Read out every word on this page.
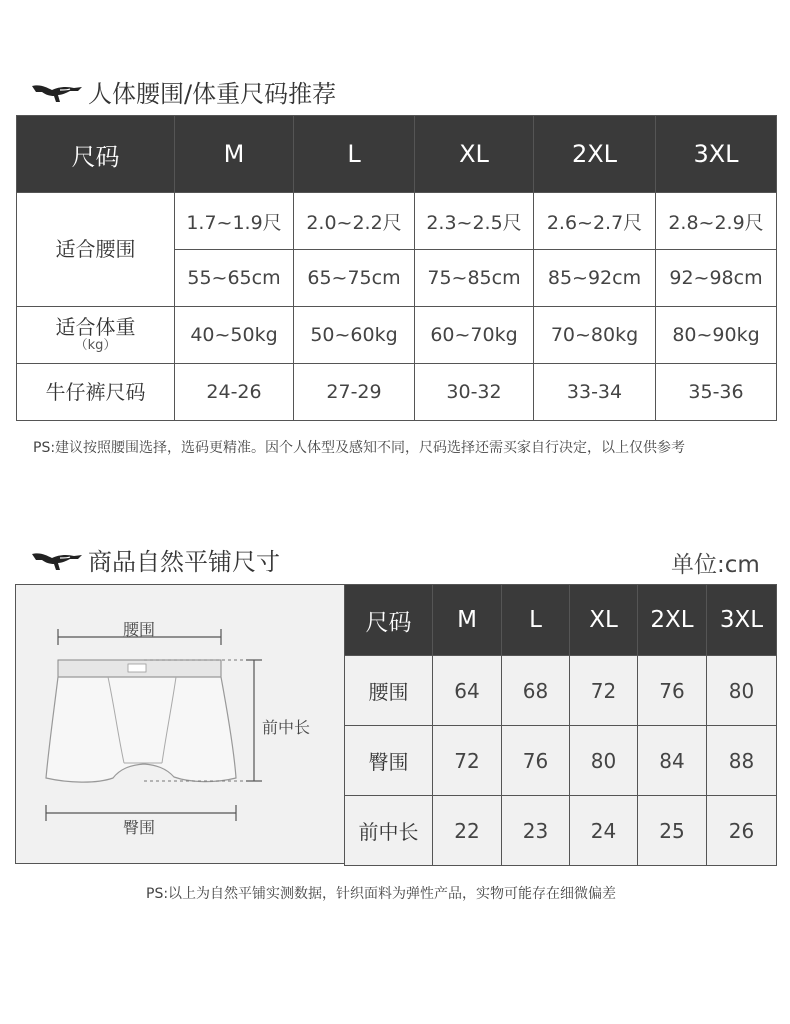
人体腰围/体重尺码推荐
尺码	M	L	XL	2XL	3XL
适合腰围	1.7~1.9尺	2.0~2.2尺	2.3~2.5尺	2.6~2.7尺	2.8~2.9尺
	55~65cm	65~75cm	75~85cm	85~92cm	92~98cm
适合体重
（kg）	40~50kg	50~60kg	60~70kg	70~80kg	80~90kg
牛仔裤尺码	24-26	27-29	30-32	33-34	35-36
PS:建议按照腰围选择，选码更精准。因个人体型及感知不同，尺码选择还需买家自行决定，以上仅供参考
商品自然平铺尺寸	单位:cm
腰围
前中长
臀围
尺码	M	L	XL	2XL	3XL
腰围	64	68	72	76	80
臀围	72	76	80	84	88
前中长	22	23	24	25	26
PS:以上为自然平铺实测数据，针织面料为弹性产品，实物可能存在细微偏差
